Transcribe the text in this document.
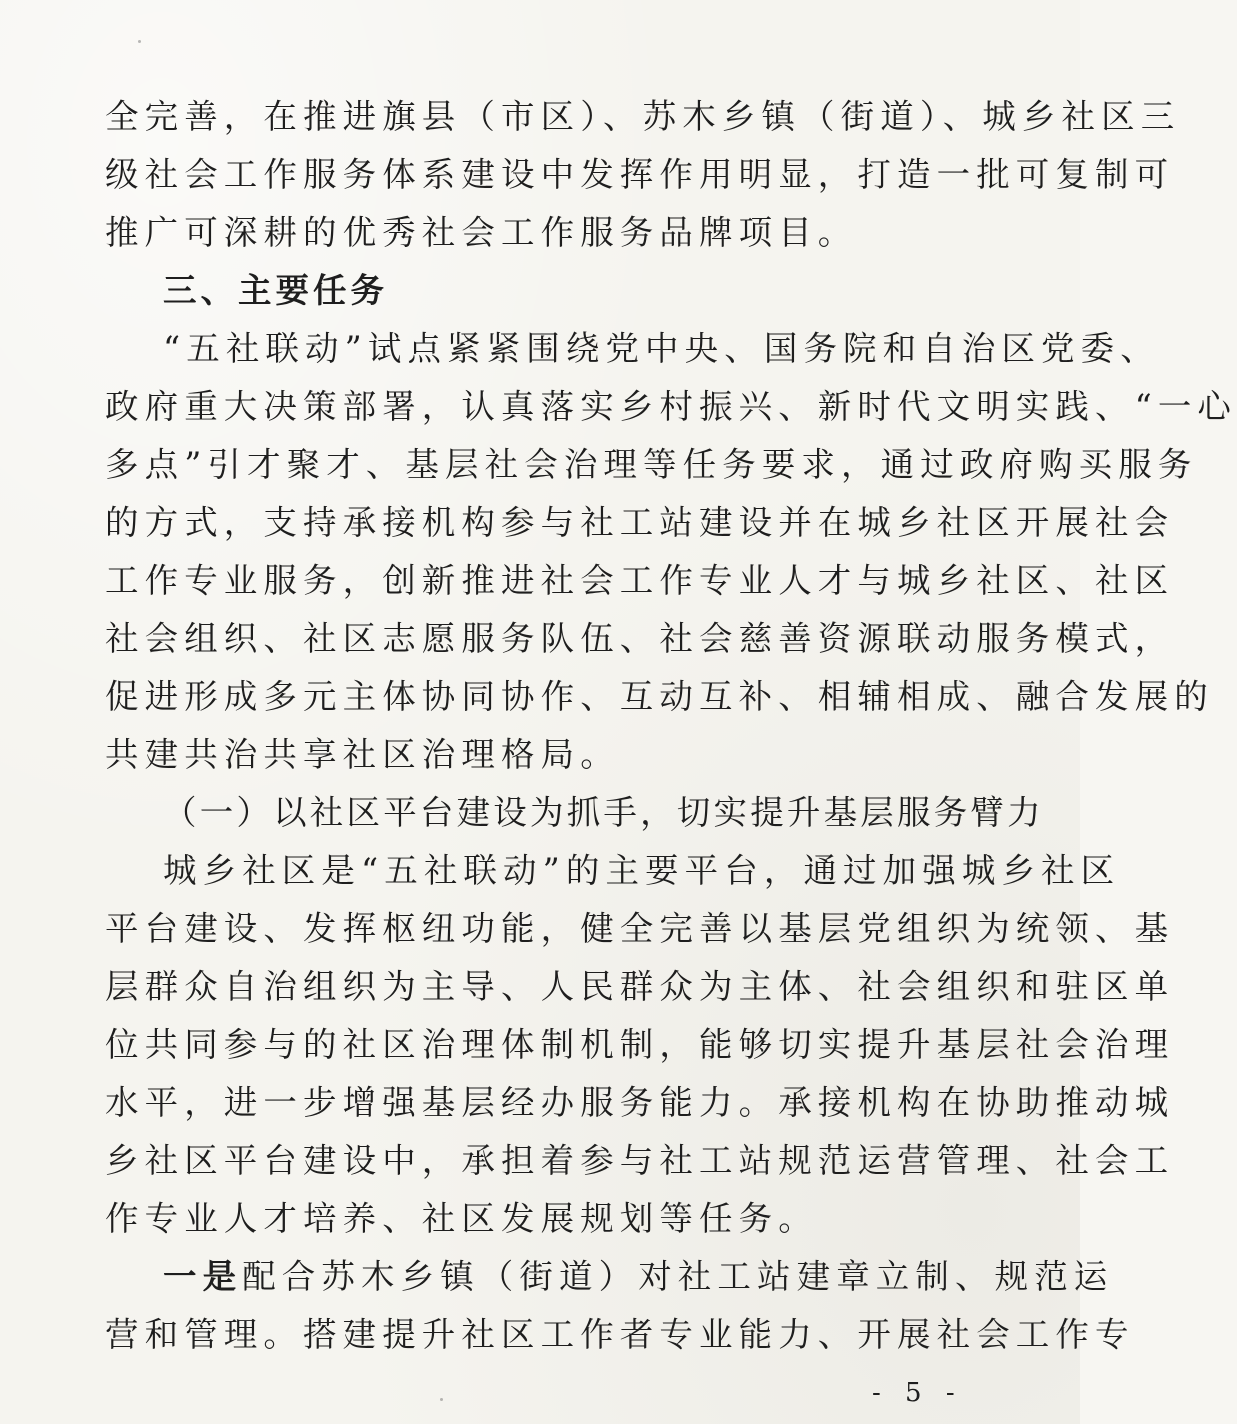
全完善，在推进旗县（市区）、苏木乡镇（街道）、城乡社区三
级社会工作服务体系建设中发挥作用明显，打造一批可复制可
推广可深耕的优秀社会工作服务品牌项目。
三、主要任务
“五社联动”试点紧紧围绕党中央、国务院和自治区党委、
政府重大决策部署，认真落实乡村振兴、新时代文明实践、“一心
多点”引才聚才、基层社会治理等任务要求，通过政府购买服务
的方式，支持承接机构参与社工站建设并在城乡社区开展社会
工作专业服务，创新推进社会工作专业人才与城乡社区、社区
社会组织、社区志愿服务队伍、社会慈善资源联动服务模式，
促进形成多元主体协同协作、互动互补、相辅相成、融合发展的
共建共治共享社区治理格局。
（一）以社区平台建设为抓手，切实提升基层服务臂力
城乡社区是“五社联动”的主要平台，通过加强城乡社区
平台建设、发挥枢纽功能，健全完善以基层党组织为统领、基
层群众自治组织为主导、人民群众为主体、社会组织和驻区单
位共同参与的社区治理体制机制，能够切实提升基层社会治理
水平，进一步增强基层经办服务能力。承接机构在协助推动城
乡社区平台建设中，承担着参与社工站规范运营管理、社会工
作专业人才培养、社区发展规划等任务。
一是配合苏木乡镇（街道）对社工站建章立制、规范运
营和管理。搭建提升社区工作者专业能力、开展社会工作专
- 5 -
